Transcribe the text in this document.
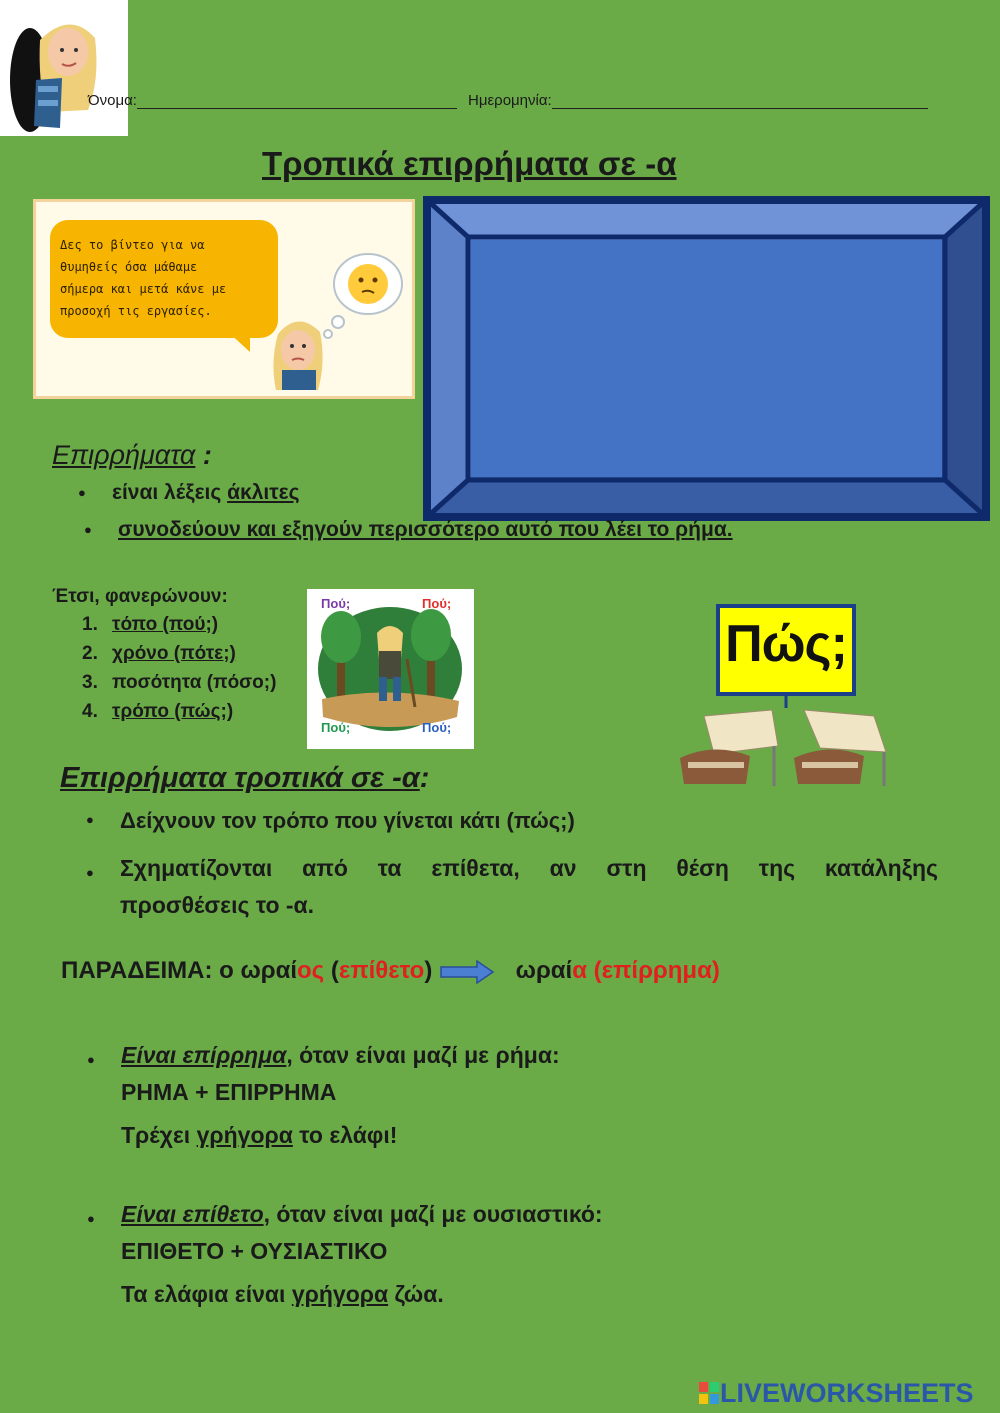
Όνομα:	Ημερομηνία:
Τροπικά επιρρήματα σε -α
Δες το βίντεο για να
θυμηθείς όσα μάθαμε
σήμερα και μετά κάνε με
προσοχή τις εργασίες.
Επιρρήματα :
● είναι λέξεις άκλιτες
● συνοδεύουν και εξηγούν περισσότερο αυτό που λέει το ρήμα.
Έτσι, φανερώνουν:
1. τόπο (πού;)
2. χρόνο (πότε;)
3. ποσότητα (πόσο;)
4. τρόπο (πώς;)
Πού;	Πού;
Πού;	Πού;
Πώς;
Επιρρήματα τροπικά σε -α:
● Δείχνουν τον τρόπο που γίνεται κάτι (πώς;)
● Σχηματίζονται από τα επίθετα, αν στη θέση της κατάληξης
προσθέσεις το -α.
ΠΑΡΑΔΕΙΜΑ: ο ωραίος (επίθετο)	ωραία (επίρρημα)
● Είναι επίρρημα, όταν είναι μαζί με ρήμα:
ΡΗΜΑ + ΕΠΙΡΡΗΜΑ
Τρέχει γρήγορα το ελάφι!
● Είναι επίθετο, όταν είναι μαζί με ουσιαστικό:
ΕΠΙΘΕΤΟ + ΟΥΣΙΑΣΤΙΚΟ
Τα ελάφια είναι γρήγορα ζώα.
LIVEWORKSHEETS
